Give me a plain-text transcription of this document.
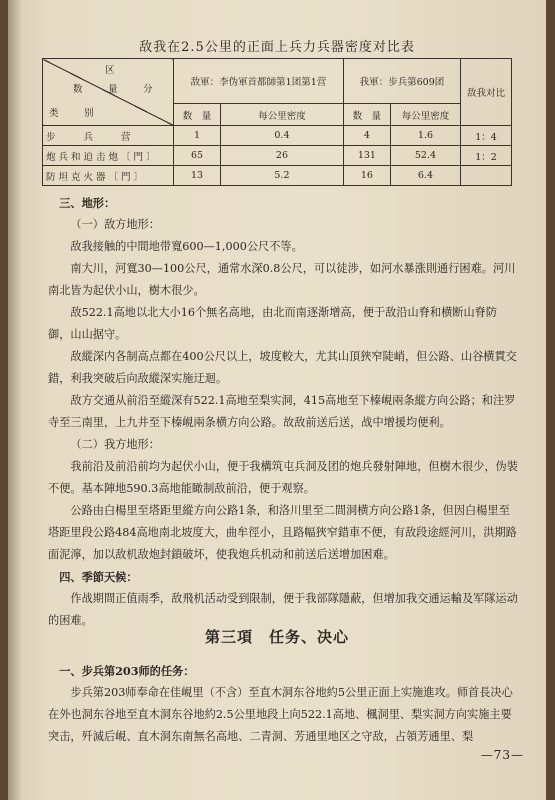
敌我在2.5公里的正面上兵力兵器密度对比表
区
数　量　分
类　别	敌軍：李伪軍首都師第1团第1营		我軍：步兵第609团		敌我对比
	数　量	每公里密度	数　量	每公里密度	
步　　兵　　营	1	0.4	4	1.6	1：4
炮兵和迫击炮〔門〕	65	26	131	52.4	1：2
防坦克火器〔門〕	13	5.2	16	6.4	

三、地形：

（一）敌方地形：

敌我接触的中間地带寬600—1,000公尺不等。

南大川，河寬30—100公尺，通常水深0.8公尺，可以徒涉，如河水暴涨則通行困难。河川南北皆为起伏小山，樹木很少。

敌522.1高地以北大小16个無名高地，由北而南逐渐增高，便于敌沿山脊和横断山脊防御，山山据守。

敌縱深内各制高点都在400公尺以上，坡度較大，尤其山頂狹窄陡峭，但公路、山谷横貫交錯，利我突破后向敌縱深实施迂迴。

敌方交通从前沿至縱深有522.1高地至梨实洞，415高地至下榛峴兩条縱方向公路；和注罗寺至三南里，上九井至下榛峴兩条横方向公路。故敌前送后送，战中增援均便利。

（二）我方地形：

我前沿及前沿前均为起伏小山，便于我構筑屯兵洞及团的炮兵發射陣地，但樹木很少，伪裝不便。基本陣地590.3高地能瞰制敌前沿，便于观察。

公路由白楊里至塔距里縱方向公路1条，和洛川里至二間洞横方向公路1条，但因白楊里至塔距里段公路484高地南北坡度大，曲牟徑小，且路幅狹窄錯車不便，有敌段途經河川，洪期路面泥濘，加以敌机敌炮封鎖破坏，使我炮兵机动和前送后送增加困难。

四、季節天候：

作战期間正值雨季，敌飛机活动受到限制，便于我部隊隱蔽，但增加我交通运輸及军隊运动的困难。

第三項　任务、决心

一、步兵第203师的任务：

步兵第203师奉命在佳峴里（不含）至直木洞东谷地約5公里正面上实施進攻。师首長决心在外也洞东谷地至直木洞东谷地約2.5公里地段上向522.1高地、楓洞里、梨实洞方向实施主要突击，歼滅后峴、直木洞东南無名高地、二青洞、芳通里地区之守敌，占領芳通里、梨

—73—
